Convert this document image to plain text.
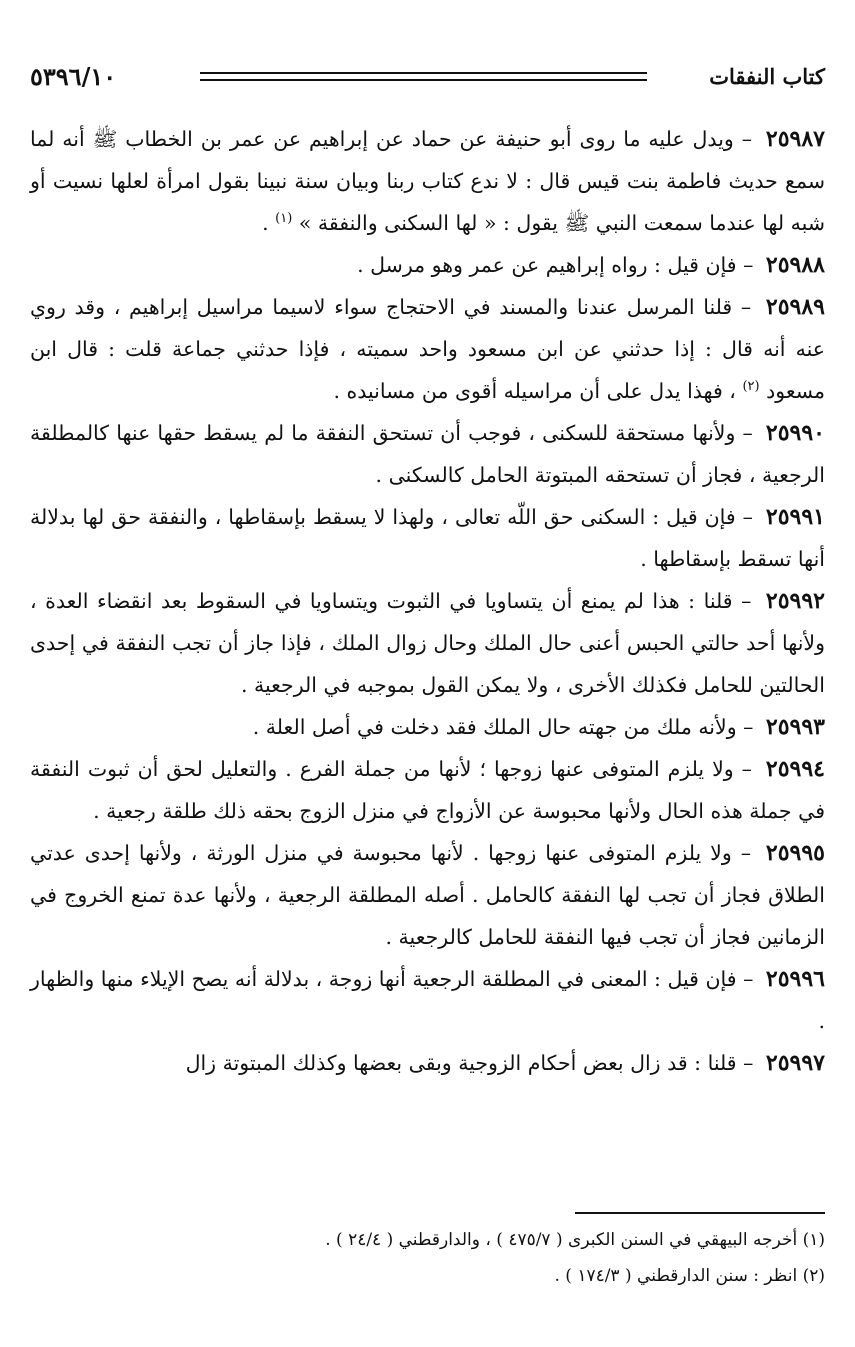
كتاب النفقات
٥٣٩٦/١٠

٢٥٩٨٧ – ويدل عليه ما روى أبو حنيفة عن حماد عن إبراهيم عن عمر بن الخطاب ﷺ أنه لما سمع حديث فاطمة بنت قيس قال : لا ندع كتاب ربنا وبيان سنة نبينا بقول امرأة لعلها نسيت أو شبه لها عندما سمعت النبي ﷺ يقول : « لها السكنى والنفقة » $^{(١)}$ .

٢٥٩٨٨ – فإن قيل : رواه إبراهيم عن عمر وهو مرسل .

٢٥٩٨٩ – قلنا المرسل عندنا والمسند في الاحتجاج سواء لاسيما مراسيل إبراهيم ، وقد روي عنه أنه قال : إذا حدثني عن ابن مسعود واحد سميته ، فإذا حدثني جماعة قلت : قال ابن مسعود $^{(٢)}$ ، فهذا يدل على أن مراسيله أقوى من مسانيده .

٢٥٩٩٠ – ولأنها مستحقة للسكنى ، فوجب أن تستحق النفقة ما لم يسقط حقها عنها كالمطلقة الرجعية ، فجاز أن تستحقه المبتوتة الحامل كالسكنى .

٢٥٩٩١ – فإن قيل : السكنى حق اللّه تعالى ، ولهذا لا يسقط بإسقاطها ، والنفقة حق لها بدلالة أنها تسقط بإسقاطها .

٢٥٩٩٢ – قلنا : هذا لم يمنع أن يتساويا في الثبوت ويتساويا في السقوط بعد انقضاء العدة ، ولأنها أحد حالتي الحبس أعنى حال الملك وحال زوال الملك ، فإذا جاز أن تجب النفقة في إحدى الحالتين للحامل فكذلك الأخرى ، ولا يمكن القول بموجبه في الرجعية .

٢٥٩٩٣ – ولأنه ملك من جهته حال الملك فقد دخلت في أصل العلة .

٢٥٩٩٤ – ولا يلزم المتوفى عنها زوجها ؛ لأنها من جملة الفرع . والتعليل لحق أن ثبوت النفقة في جملة هذه الحال ولأنها محبوسة عن الأزواج في منزل الزوج بحقه ذلك طلقة رجعية .

٢٥٩٩٥ – ولا يلزم المتوفى عنها زوجها . لأنها محبوسة في منزل الورثة ، ولأنها إحدى عدتي الطلاق فجاز أن تجب لها النفقة كالحامل . أصله المطلقة الرجعية ، ولأنها عدة تمنع الخروج في الزمانين فجاز أن تجب فيها النفقة للحامل كالرجعية .

٢٥٩٩٦ – فإن قيل : المعنى في المطلقة الرجعية أنها زوجة ، بدلالة أنه يصح الإيلاء منها والظهار .

٢٥٩٩٧ – قلنا : قد زال بعض أحكام الزوجية وبقى بعضها وكذلك المبتوتة زال

(١) أخرجه البيهقي في السنن الكبرى ( ٤٧٥/٧ ) ، والدارقطني ( ٢٤/٤ ) .
(٢) انظر : سنن الدارقطني ( ١٧٤/٣ ) .
